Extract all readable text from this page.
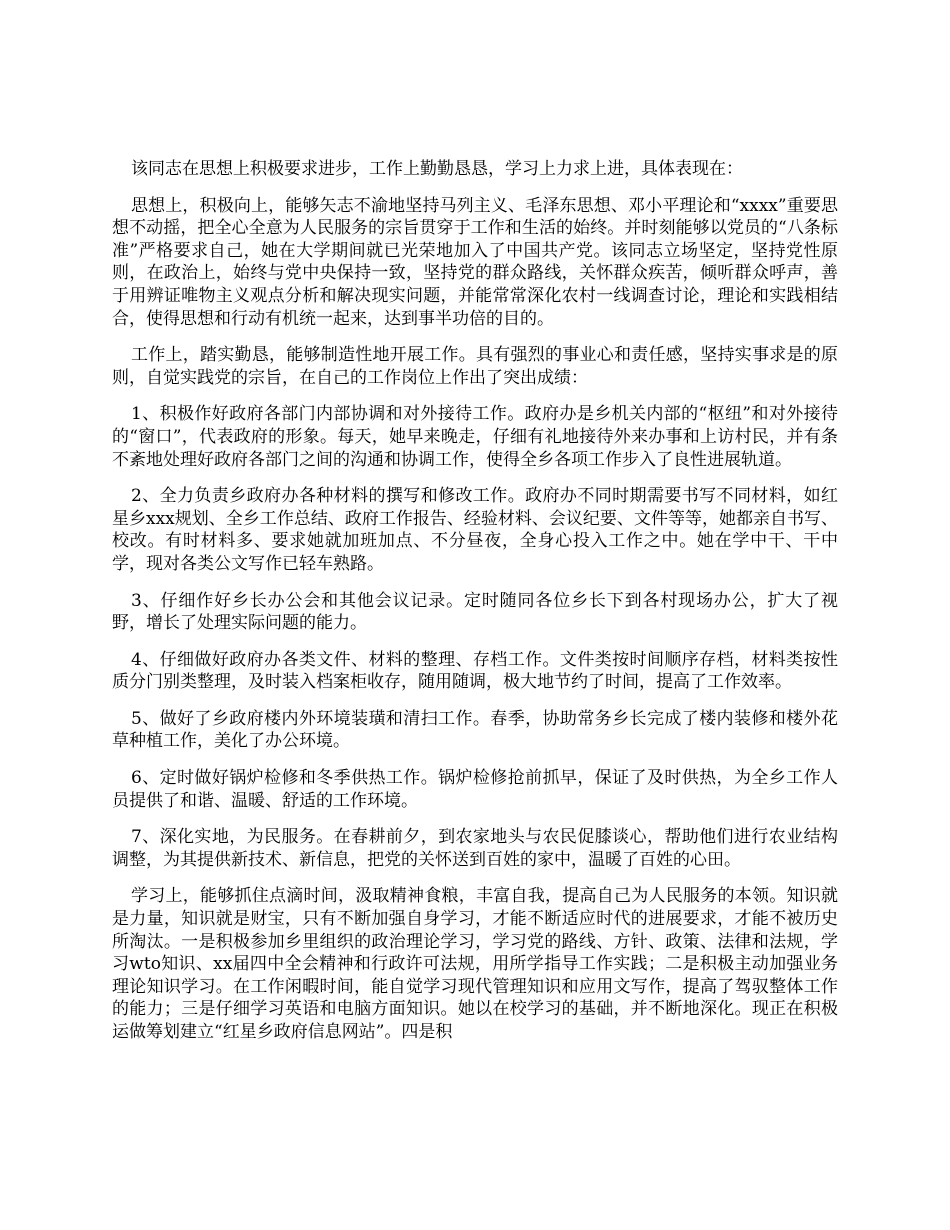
该同志在思想上积极要求进步，工作上勤勤恳恳，学习上力求上进，具体表现在：

思想上，积极向上，能够矢志不渝地坚持马列主义、毛泽东思想、邓小平理论和“xxxx”重要思想不动摇，把全心全意为人民服务的宗旨贯穿于工作和生活的始终。并时刻能够以党员的“八条标准”严格要求自己，她在大学期间就已光荣地加入了中国共产党。该同志立场坚定，坚持党性原则，在政治上，始终与党中央保持一致，坚持党的群众路线，关怀群众疾苦，倾听群众呼声，善于用辨证唯物主义观点分析和解决现实问题，并能常常深化农村一线调查讨论，理论和实践相结合，使得思想和行动有机统一起来，达到事半功倍的目的。

工作上，踏实勤恳，能够制造性地开展工作。具有强烈的事业心和责任感，坚持实事求是的原则，自觉实践党的宗旨，在自己的工作岗位上作出了突出成绩：

1、积极作好政府各部门内部协调和对外接待工作。政府办是乡机关内部的“枢纽”和对外接待的“窗口”，代表政府的形象。每天，她早来晚走，仔细有礼地接待外来办事和上访村民，并有条不紊地处理好政府各部门之间的沟通和协调工作，使得全乡各项工作步入了良性进展轨道。

2、全力负责乡政府办各种材料的撰写和修改工作。政府办不同时期需要书写不同材料，如红星乡xxx规划、全乡工作总结、政府工作报告、经验材料、会议纪要、文件等等，她都亲自书写、校改。有时材料多、要求她就加班加点、不分昼夜，全身心投入工作之中。她在学中干、干中学，现对各类公文写作已轻车熟路。

3、仔细作好乡长办公会和其他会议记录。定时随同各位乡长下到各村现场办公，扩大了视野，增长了处理实际问题的能力。

4、仔细做好政府办各类文件、材料的整理、存档工作。文件类按时间顺序存档，材料类按性质分门别类整理，及时装入档案柜收存，随用随调，极大地节约了时间，提高了工作效率。

5、做好了乡政府楼内外环境装璜和清扫工作。春季，协助常务乡长完成了楼内装修和楼外花草种植工作，美化了办公环境。

6、定时做好锅炉检修和冬季供热工作。锅炉检修抢前抓早，保证了及时供热，为全乡工作人员提供了和谐、温暖、舒适的工作环境。

7、深化实地，为民服务。在春耕前夕，到农家地头与农民促膝谈心，帮助他们进行农业结构调整，为其提供新技术、新信息，把党的关怀送到百姓的家中，温暖了百姓的心田。

学习上，能够抓住点滴时间，汲取精神食粮，丰富自我，提高自己为人民服务的本领。知识就是力量，知识就是财宝，只有不断加强自身学习，才能不断适应时代的进展要求，才能不被历史所淘汰。一是积极参加乡里组织的政治理论学习，学习党的路线、方针、政策、法律和法规，学习wto知识、xx届四中全会精神和行政许可法规，用所学指导工作实践；二是积极主动加强业务理论知识学习。在工作闲暇时间，能自觉学习现代管理知识和应用文写作，提高了驾驭整体工作的能力；三是仔细学习英语和电脑方面知识。她以在校学习的基础，并不断地深化。现正在积极运做筹划建立“红星乡政府信息网站”。四是积
